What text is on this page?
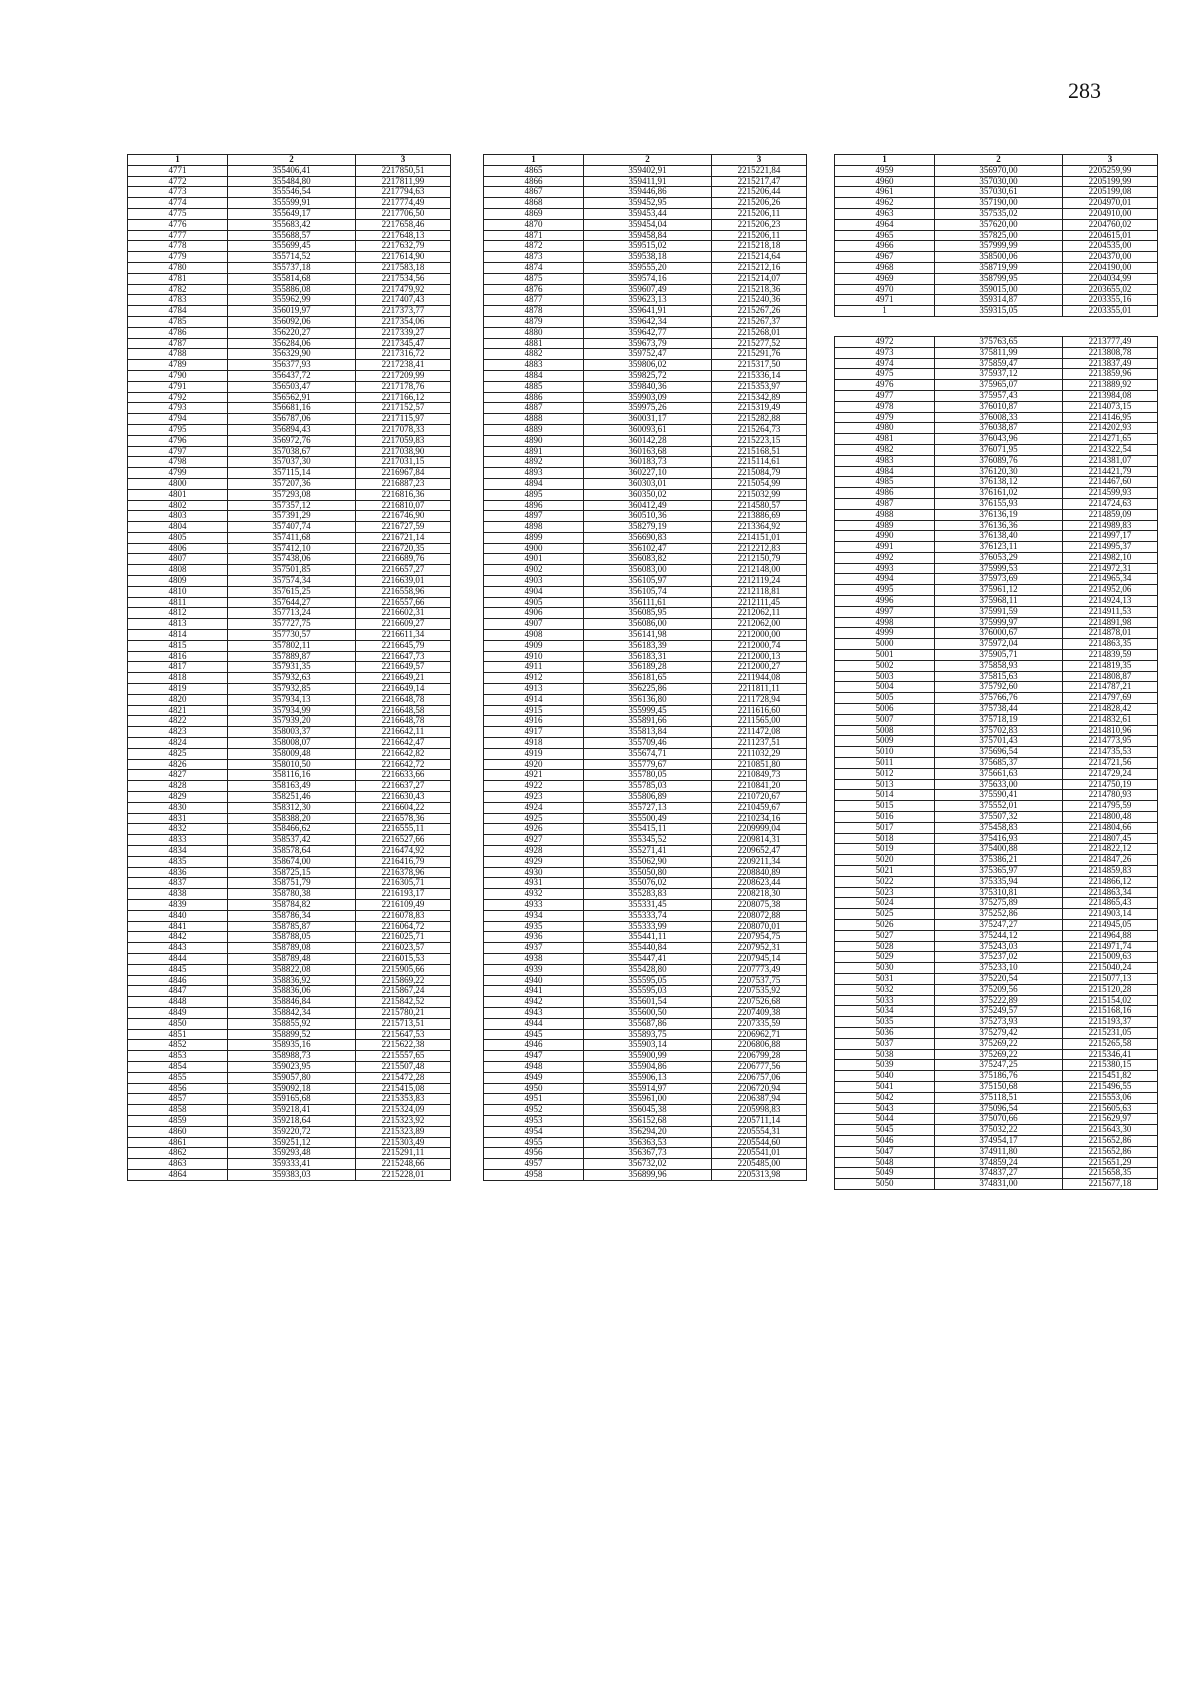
283
1	2	3
4771	355406,41	2217850,51
4772	355484,80	2217811,99
4773	355546,54	2217794,63
4774	355599,91	2217774,49
4775	355649,17	2217706,50
4776	355683,42	2217658,46
4777	355688,57	2217648,13
4778	355699,45	2217632,79
4779	355714,52	2217614,90
4780	355737,18	2217583,18
4781	355814,68	2217534,56
4782	355886,08	2217479,92
4783	355962,99	2217407,43
4784	356019,97	2217373,77
4785	356092,06	2217354,06
4786	356220,27	2217339,27
4787	356284,06	2217345,47
4788	356329,90	2217316,72
4789	356377,93	2217238,41
4790	356437,72	2217209,99
4791	356503,47	2217178,76
4792	356562,91	2217166,12
4793	356681,16	2217152,57
4794	356787,06	2217115,97
4795	356894,43	2217078,33
4796	356972,76	2217059,83
4797	357038,67	2217038,90
4798	357037,30	2217031,15
4799	357115,14	2216967,84
4800	357207,36	2216887,23
4801	357293,08	2216816,36
4802	357357,12	2216810,07
4803	357391,29	2216746,90
4804	357407,74	2216727,59
4805	357411,68	2216721,14
4806	357412,10	2216720,35
4807	357438,06	2216689,76
4808	357501,85	2216657,27
4809	357574,34	2216639,01
4810	357615,25	2216558,96
4811	357644,27	2216557,66
4812	357713,24	2216602,31
4813	357727,75	2216609,27
4814	357730,57	2216611,34
4815	357802,11	2216645,79
4816	357889,87	2216647,73
4817	357931,35	2216649,57
4818	357932,63	2216649,21
4819	357932,85	2216649,14
4820	357934,13	2216648,78
4821	357934,99	2216648,58
4822	357939,20	2216648,78
4823	358003,37	2216642,11
4824	358008,07	2216642,47
4825	358009,48	2216642,82
4826	358010,50	2216642,72
4827	358116,16	2216633,66
4828	358163,49	2216637,27
4829	358251,46	2216630,43
4830	358312,30	2216604,22
4831	358388,20	2216578,36
4832	358466,62	2216555,11
4833	358537,42	2216527,66
4834	358578,64	2216474,92
4835	358674,00	2216416,79
4836	358725,15	2216378,96
4837	358751,79	2216305,71
4838	358780,38	2216193,17
4839	358784,82	2216109,49
4840	358786,34	2216078,83
4841	358785,87	2216064,72
4842	358788,05	2216025,71
4843	358789,08	2216023,57
4844	358789,48	2216015,53
4845	358822,08	2215905,66
4846	358836,92	2215869,22
4847	358836,06	2215867,24
4848	358846,84	2215842,52
4849	358842,34	2215780,21
4850	358855,92	2215713,51
4851	358899,52	2215647,53
4852	358935,16	2215622,38
4853	358988,73	2215557,65
4854	359023,95	2215507,48
4855	359057,80	2215472,28
4856	359092,18	2215415,08
4857	359165,68	2215353,83
4858	359218,41	2215324,09
4859	359218,64	2215323,92
4860	359220,72	2215323,89
4861	359251,12	2215303,49
4862	359293,48	2215291,11
4863	359333,41	2215248,66
4864	359383,03	2215228,01
1	2	3
4865	359402,91	2215221,84
4866	359411,91	2215217,47
4867	359446,86	2215206,44
4868	359452,95	2215206,26
4869	359453,44	2215206,11
4870	359454,04	2215206,23
4871	359458,84	2215206,11
4872	359515,02	2215218,18
4873	359538,18	2215214,64
4874	359555,20	2215212,16
4875	359574,16	2215214,07
4876	359607,49	2215218,36
4877	359623,13	2215240,36
4878	359641,91	2215267,26
4879	359642,34	2215267,37
4880	359642,77	2215268,01
4881	359673,79	2215277,52
4882	359752,47	2215291,76
4883	359806,02	2215317,50
4884	359825,72	2215336,14
4885	359840,36	2215353,97
4886	359903,09	2215342,89
4887	359975,26	2215319,49
4888	360031,17	2215282,88
4889	360093,61	2215264,73
4890	360142,28	2215223,15
4891	360163,68	2215168,51
4892	360183,73	2215114,61
4893	360227,10	2215084,79
4894	360303,01	2215054,99
4895	360350,02	2215032,99
4896	360412,49	2214580,57
4897	360510,36	2213886,69
4898	358279,19	2213364,92
4899	356690,83	2214151,01
4900	356102,47	2212212,83
4901	356083,82	2212150,79
4902	356083,00	2212148,00
4903	356105,97	2212119,24
4904	356105,74	2212118,81
4905	356111,61	2212111,45
4906	356085,95	2212062,11
4907	356086,00	2212062,00
4908	356141,98	2212000,00
4909	356183,39	2212000,74
4910	356183,31	2212000,13
4911	356189,28	2212000,27
4912	356181,65	2211944,08
4913	356225,86	2211811,11
4914	356136,80	2211728,94
4915	355999,45	2211616,60
4916	355891,66	2211565,00
4917	355813,84	2211472,08
4918	355709,46	2211237,51
4919	355674,71	2211032,29
4920	355779,67	2210851,80
4921	355780,05	2210849,73
4922	355785,03	2210841,20
4923	355806,89	2210720,67
4924	355727,13	2210459,67
4925	355500,49	2210234,16
4926	355415,11	2209999,04
4927	355345,52	2209814,31
4928	355271,41	2209652,47
4929	355062,90	2209211,34
4930	355050,80	2208840,89
4931	355076,02	2208623,44
4932	355283,83	2208218,30
4933	355331,45	2208075,38
4934	355333,74	2208072,88
4935	355333,99	2208070,01
4936	355441,11	2207954,75
4937	355440,84	2207952,31
4938	355447,41	2207945,14
4939	355428,80	2207773,49
4940	355595,05	2207537,75
4941	355595,03	2207535,92
4942	355601,54	2207526,68
4943	355600,50	2207409,38
4944	355687,86	2207335,59
4945	355893,75	2206962,71
4946	355903,14	2206806,88
4947	355900,99	2206799,28
4948	355904,86	2206777,56
4949	355906,13	2206757,06
4950	355914,97	2206720,94
4951	355961,00	2206387,94
4952	356045,38	2205998,83
4953	356152,68	2205711,14
4954	356294,20	2205554,31
4955	356363,53	2205544,60
4956	356367,73	2205541,01
4957	356732,02	2205485,00
4958	356899,96	2205313,98
1	2	3
4959	356970,00	2205259,99
4960	357030,00	2205199,99
4961	357030,61	2205199,08
4962	357190,00	2204970,01
4963	357535,02	2204910,00
4964	357620,00	2204760,02
4965	357825,00	2204615,01
4966	357999,99	2204535,00
4967	358500,06	2204370,00
4968	358719,99	2204190,00
4969	358799,95	2204034,99
4970	359015,00	2203655,02
4971	359314,87	2203355,16
1	359315,05	2203355,01

4972	375763,65	2213777,49
4973	375811,99	2213808,78
4974	375859,47	2213837,49
4975	375937,12	2213859,96
4976	375965,07	2213889,92
4977	375957,43	2213984,08
4978	376010,87	2214073,15
4979	376008,33	2214146,95
4980	376038,87	2214202,93
4981	376043,96	2214271,65
4982	376071,95	2214322,54
4983	376089,76	2214381,07
4984	376120,30	2214421,79
4985	376138,12	2214467,60
4986	376161,02	2214599,93
4987	376155,93	2214724,63
4988	376136,19	2214859,09
4989	376136,36	2214989,83
4990	376138,40	2214997,17
4991	376123,11	2214995,37
4992	376053,29	2214982,10
4993	375999,53	2214972,31
4994	375973,69	2214965,34
4995	375961,12	2214952,06
4996	375968,11	2214924,13
4997	375991,59	2214911,53
4998	375999,97	2214891,98
4999	376000,67	2214878,01
5000	375972,04	2214863,35
5001	375905,71	2214839,59
5002	375858,93	2214819,35
5003	375815,63	2214808,87
5004	375792,60	2214787,21
5005	375766,76	2214797,69
5006	375738,44	2214828,42
5007	375718,19	2214832,61
5008	375702,83	2214810,96
5009	375701,43	2214773,95
5010	375696,54	2214735,53
5011	375685,37	2214721,56
5012	375661,63	2214729,24
5013	375633,00	2214750,19
5014	375590,41	2214780,93
5015	375552,01	2214795,59
5016	375507,32	2214800,48
5017	375458,83	2214804,66
5018	375416,93	2214807,45
5019	375400,88	2214822,12
5020	375386,21	2214847,26
5021	375365,97	2214859,83
5022	375335,94	2214866,12
5023	375310,81	2214863,34
5024	375275,89	2214865,43
5025	375252,86	2214903,14
5026	375247,27	2214945,05
5027	375244,12	2214964,88
5028	375243,03	2214971,74
5029	375237,02	2215009,63
5030	375233,10	2215040,24
5031	375220,54	2215077,13
5032	375209,56	2215120,28
5033	375222,89	2215154,02
5034	375249,57	2215168,16
5035	375273,93	2215193,37
5036	375279,42	2215231,05
5037	375269,22	2215265,58
5038	375269,22	2215346,41
5039	375247,25	2215380,15
5040	375186,76	2215451,82
5041	375150,68	2215496,55
5042	375118,51	2215553,06
5043	375096,54	2215605,63
5044	375070,66	2215629,97
5045	375032,22	2215643,30
5046	374954,17	2215652,86
5047	374911,80	2215652,86
5048	374859,24	2215651,29
5049	374837,27	2215658,35
5050	374831,00	2215677,18
